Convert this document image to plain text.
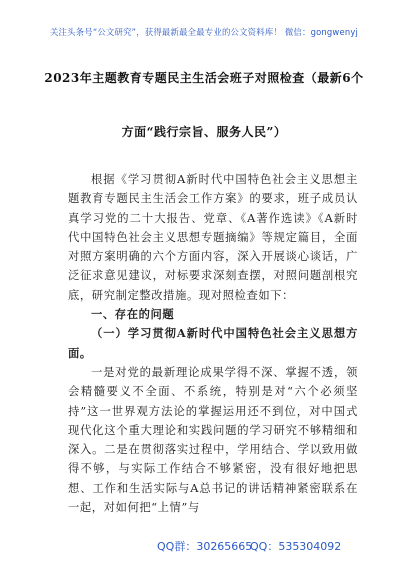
关注头条号“公文研究”，获得最新最全最专业的公文资料库！ 微信：gongwenyj
2023年主题教育专题民主生活会班子对照检查（最新6个
方面“践行宗旨、服务人民”）

根据《学习贯彻A新时代中国特色社会主义思想主题教育专题民主生活会工作方案》的要求，班子成员认真学习党的二十大报告、党章、《A著作选读》《A新时代中国特色社会主义思想专题摘编》等规定篇目，全面对照方案明确的六个方面内容，深入开展谈心谈话，广泛征求意见建议，对标要求深刻查摆，对照问题剖根究底，研究制定整改措施。现对照检查如下：

一、存在的问题

（一）学习贯彻A新时代中国特色社会主义思想方面。

一是对党的最新理论成果学得不深、掌握不透，领会精髓要义不全面、不系统，特别是对“六个必须坚持”这一世界观方法论的掌握运用还不到位，对中国式现代化这个重大理论和实践问题的学习研究不够精细和深入。二是在贯彻落实过程中，学用结合、学以致用做得不够，与实际工作结合不够紧密，没有很好地把思想、工作和生活实际与A总书记的讲话精神紧密联系在一起，对如何把“上情”与

QQ群：30265665
QQ：535304092
